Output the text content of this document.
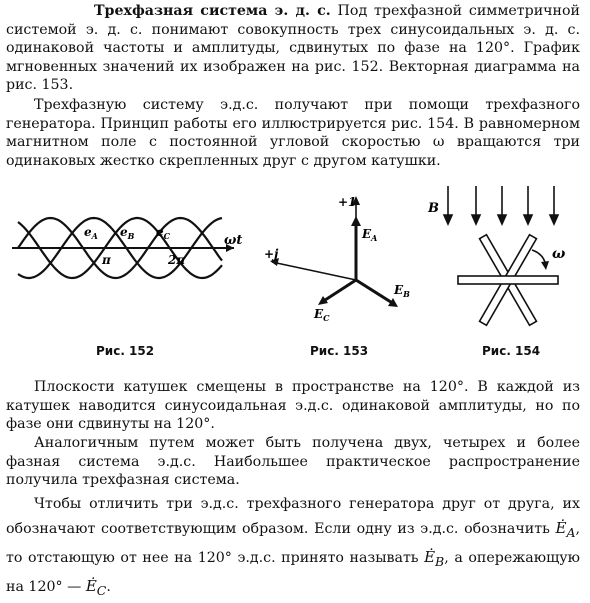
Трехфазная система э. д. с. Под трехфазной симметричной системой э. д. с. понимают совокупность трех синусоидальных э. д. с. одинаковой частоты и амплитуды, сдвинутых по фазе на 120°. График мгновенных значений их изображен на рис. 152. Векторная диаграмма на рис. 153.

Трехфазную систему э.д.с. получают при помощи трехфазного генератора. Принцип работы его иллюстрируется рис. 154. В равномерном магнитном поле с постоянной угловой скоростью ω вращаются три одинаковых жестко скрепленных друг с другом катушки.

$e_A$ $e_B$ $e_C$
π	2π
ωt
Рис. 152
+1
+j
$E_A$
$E_B$
$E_C$
Рис. 153
B
ω
Рис. 154

Плоскости катушек смещены в пространстве на 120°. В каждой из катушек наводится синусоидальная э.д.с. одинаковой амплитуды, но по фазе они сдвинуты на 120°.

Аналогичным путем может быть получена двух, четырех и более фазная система э.д.с. Наибольшее практическое распространение получила трехфазная система.

Чтобы отличить три э.д.с. трехфазного генератора друг от друга, их обозначают соответствующим образом. Если одну из э.д.с. обозначить $Ė_A$, то отстающую от нее на 120° э.д.с. принято называть $Ė_B$, а опережающую на 120° — $Ė_C$.
